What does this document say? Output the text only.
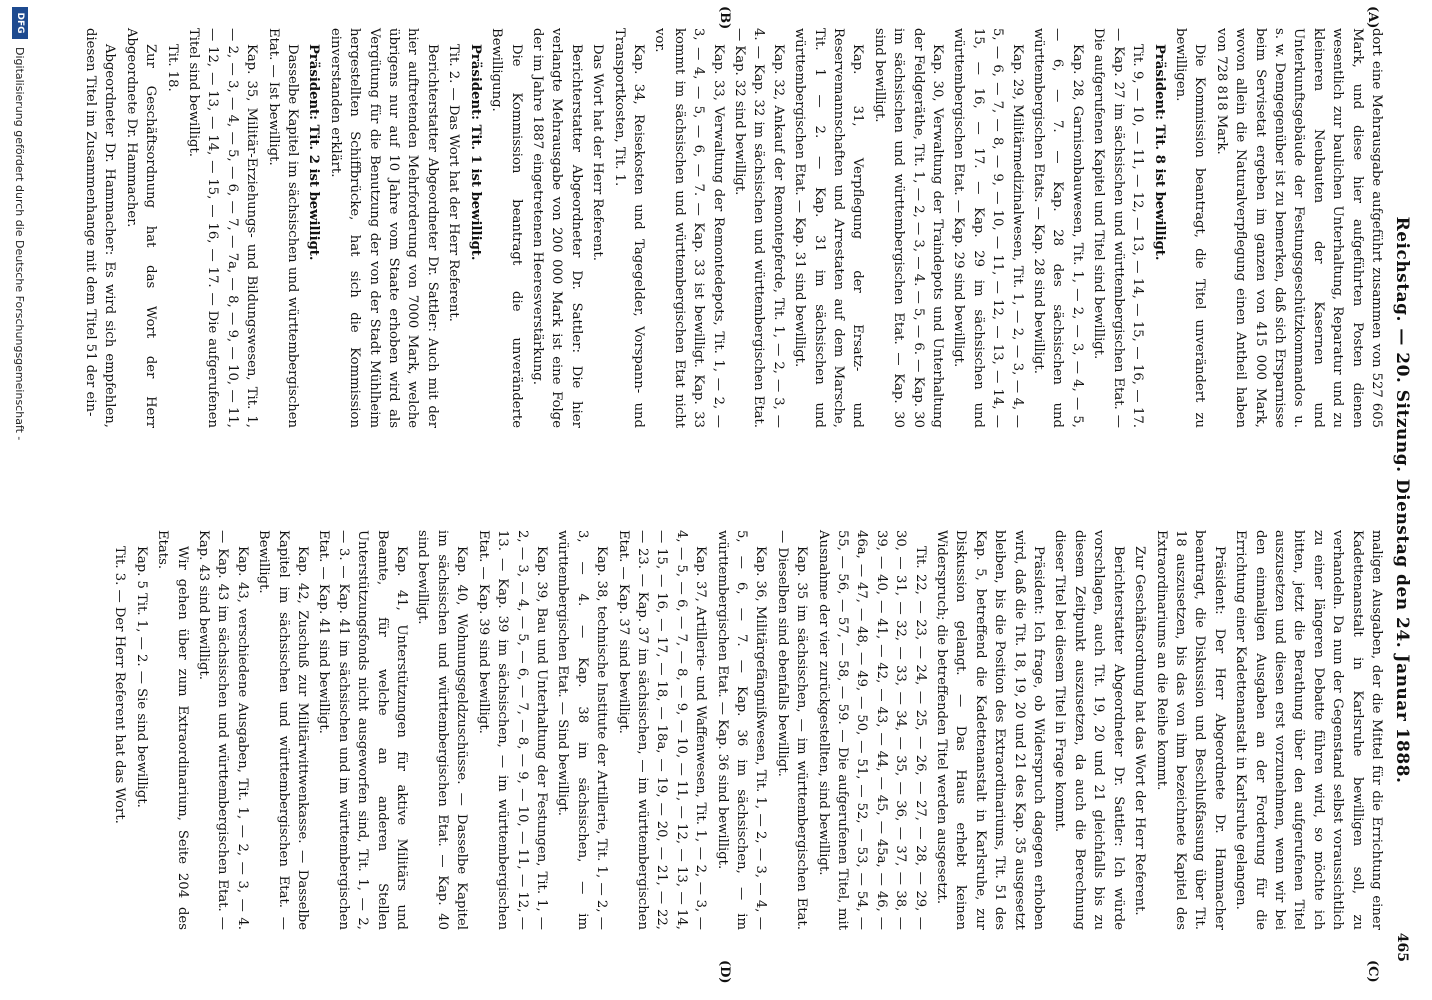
Reichstag. — 20. Sitzung. Dienstag den 24. Januar 1888.
465
(A)
(B)
(C)
(D)

dort eine Mehrausgabe aufgeführt zusammen von 527 605 Mark, und diese hier aufgeführten Posten dienen wesentlich zur baulichen Unterhaltung, Reparatur und zu kleineren Neubauten der Kasernen und Unterkunftsgebäude der Festungsgeschützkommandos u. s. w. Demgegenüber ist zu bemerken, daß sich Ersparnisse beim Servisetat ergeben im ganzen von 415 000 Mark, wovon allein die Naturalverpflegung einen Antheil haben von 728 818 Mark.

Die Kommission beantragt, die Titel unverändert zu bewilligen.

Präsident: Tit. 8 ist bewilligt.

Tit. 9, — 10, — 11, — 12, — 13, — 14, — 15, — 16, — 17. — Kap. 27 im sächsischen und württembergischen Etat. — Die aufgerufenen Kapitel und Titel sind bewilligt.

Kap. 28, Garnisonbauwesen, Tit. 1, — 2, — 3, — 4, — 5, — 6, — 7. — Kap. 28 des sächsischen und württembergischen Etats. — Kap. 28 sind bewilligt.

Kap. 29, Militärmedizinalwesen, Tit. 1, — 2, — 3, — 4, — 5, — 6, — 7, — 8, — 9, — 10, — 11, — 12, — 13, — 14, — 15, — 16, — 17. — Kap. 29 im sächsischen und württembergischen Etat. — Kap. 29 sind bewilligt.

Kap. 30, Verwaltung der Traindepots und Unterhaltung der Feldgeräthe, Tit. 1, — 2, — 3, — 4. — 5, — 6. — Kap. 30 im sächsischen und württembergischen Etat. — Kap. 30 sind bewilligt.

Kap. 31, Verpflegung der Ersatz- und Reservemannschaften und Arrestaten auf dem Marsche, Tit. 1 — 2. — Kap. 31 im sächsischen und württembergischen Etat. — Kap. 31 sind bewilligt.

Kap. 32, Ankauf der Remontepferde, Tit. 1, — 2, — 3, — 4. — Kap. 32 im sächsischen und württembergischen Etat. — Kap. 32 sind bewilligt.

Kap. 33, Verwaltung der Remontedepots, Tit. 1, — 2, — 3, — 4, — 5, — 6, — 7. — Kap. 33 ist bewilligt. Kap. 33 kommt im sächsischen und württembergischen Etat nicht vor.

Kap. 34, Reisekosten und Tagegelder, Vorspann- und Transportkosten, Tit. 1.

Das Wort hat der Herr Referent.

Berichterstatter Abgeordneter Dr. Sattler: Die hier verlangte Mehrausgabe von 200 000 Mark ist eine Folge der im Jahre 1887 eingetretenen Heeresverstärkung.

Die Kommission beantragt die unveränderte Bewilligung.

Präsident: Tit. 1 ist bewilligt.

Tit. 2. — Das Wort hat der Herr Referent.

Berichterstatter Abgeordneter Dr. Sattler: Auch mit der hier auftretenden Mehrforderung von 7000 Mark, welche übrigens nur auf 10 Jahre vom Staate erhoben wird als Vergütung für die Benutzung der von der Stadt Mühlheim hergestellten Schiffbrücke, hat sich die Kommission einverstanden erklärt.

Präsident: Tit. 2 ist bewilligt.

Dasselbe Kapitel im sächsischen und württembergischen Etat. — Ist bewilligt.

Kap. 35, Militär-Erziehungs- und Bildungswesen, Tit. 1, — 2, — 3, — 4, — 5, — 6, — 7, — 7a, — 8, — 9, — 10, — 11, — 12, — 13, — 14, — 15, — 16, — 17. — Die aufgerufenen Titel sind bewilligt.

Tit. 18.

Zur Geschäftsordnung hat das Wort der Herr Abgeordnete Dr. Hammacher.

Abgeordneter Dr. Hammacher: Es wird sich empfehlen, diesen Titel im Zusammenhange mit dem Titel 51 der ein-

maligen Ausgaben, der die Mittel für die Errichtung einer Kadettenanstalt in Karlsruhe bewilligen soll, zu verhandeln. Da nun der Gegenstand selbst voraussichtlich zu einer längeren Debatte führen wird, so möchte ich bitten, jetzt die Berathung über den aufgerufenen Titel auszusetzen und diesen erst vorzunehmen, wenn wir bei den einmaligen Ausgaben an der Forderung für die Errichtung einer Kadettenanstalt in Karlsruhe gelangen.

Präsident: Der Herr Abgeordnete Dr. Hammacher beantragt, die Diskussion und Beschlußfassung über Tit. 18 auszusetzen, bis das von ihm bezeichnete Kapitel des Extraordinariums an die Reihe kommt.

Zur Geschäftsordnung hat das Wort der Herr Referent.

Berichterstatter Abgeordneter Dr. Sattler: Ich würde vorschlagen, auch Tit. 19, 20 und 21 gleichfalls bis zu diesem Zeitpunkt auszusetzen, da auch die Berechnung dieser Titel bei diesem Titel in Frage kommt.

Präsident: Ich frage, ob Widerspruch dagegen erhoben wird, daß die Tit. 18, 19, 20 und 21 des Kap. 35 ausgesetzt bleiben, bis die Position des Extraordinariums, Tit. 51 des Kap. 5, betreffend die Kadettenanstalt in Karlsruhe, zur Diskussion gelangt. — Das Haus erhebt keinen Widerspruch; die betreffenden Titel werden ausgesetzt.

Tit. 22, — 23, — 24, — 25, — 26, — 27, — 28, — 29, — 30, — 31, — 32, — 33, — 34, — 35, — 36, — 37, — 38, — 39, — 40, — 41, — 42, — 43, — 44, — 45, — 45a, — 46, — 46a, — 47, — 48, — 49, — 50, — 51, — 52, — 53, — 54, — 55, — 56, — 57, — 58, — 59. — Die aufgerufenen Titel, mit Ausnahme der vier zurückgestellten, sind bewilligt.

Kap. 35 im sächsischen, — im württembergischen Etat. — Dieselben sind ebenfalls bewilligt.

Kap. 36, Militärgefängnißwesen, Tit. 1, — 2, — 3, — 4, — 5, — 6, — 7. — Kap. 36 im sächsischen, — im württembergischen Etat. — Kap. 36 sind bewilligt.

Kap. 37, Artillerie- und Waffenwesen, Tit. 1, — 2, — 3, — 4, — 5, — 6, — 7, — 8, — 9, — 10, — 11, — 12, — 13, — 14, — 15, — 16, — 17, — 18, — 18a, — 19, — 20, — 21, — 22, — 23. — Kap. 37 im sächsischen, — im württembergischen Etat. — Kap. 37 sind bewilligt.

Kap. 38, technische Institute der Artillerie, Tit. 1, — 2, — 3, — 4. — Kap. 38 im sächsischen, — im württembergischen Etat. — Sind bewilligt.

Kap. 39, Bau und Unterhaltung der Festungen, Tit. 1, — 2, — 3, — 4, — 5, — 6, — 7, — 8, — 9, — 10, — 11, — 12, — 13. — Kap. 39 im sächsischen, — im württembergischen Etat. — Kap. 39 sind bewilligt.

Kap. 40, Wohnungsgeldzuschüsse. — Dasselbe Kapitel im sächsischen und württembergischen Etat. — Kap. 40 sind bewilligt.

Kap. 41, Unterstützungen für aktive Militärs und Beamte, für welche an anderen Stellen Unterstützungsfonds nicht ausgeworfen sind, Tit. 1, — 2, — 3. — Kap. 41 im sächsischen und im württembergischen Etat. — Kap. 41 sind bewilligt.

Kap. 42, Zuschuß zur Militärwittwenkasse. — Dasselbe Kapitel im sächsischen und württembergischen Etat. — Bewilligt.

Kap. 43, verschiedene Ausgaben, Tit. 1, — 2, — 3, — 4. — Kap. 43 im sächsischen und württembergischen Etat. — Kap. 43 sind bewilligt.

Wir gehen über zum Extraordinarium, Seite 204 des Etats.

Kap. 5 Tit. 1, — 2. — Sie sind bewilligt.

Tit. 3. — Der Herr Referent hat das Wort.

DFG
Digitalisierung gefördert durch die Deutsche Forschungsgemeinschaft -
